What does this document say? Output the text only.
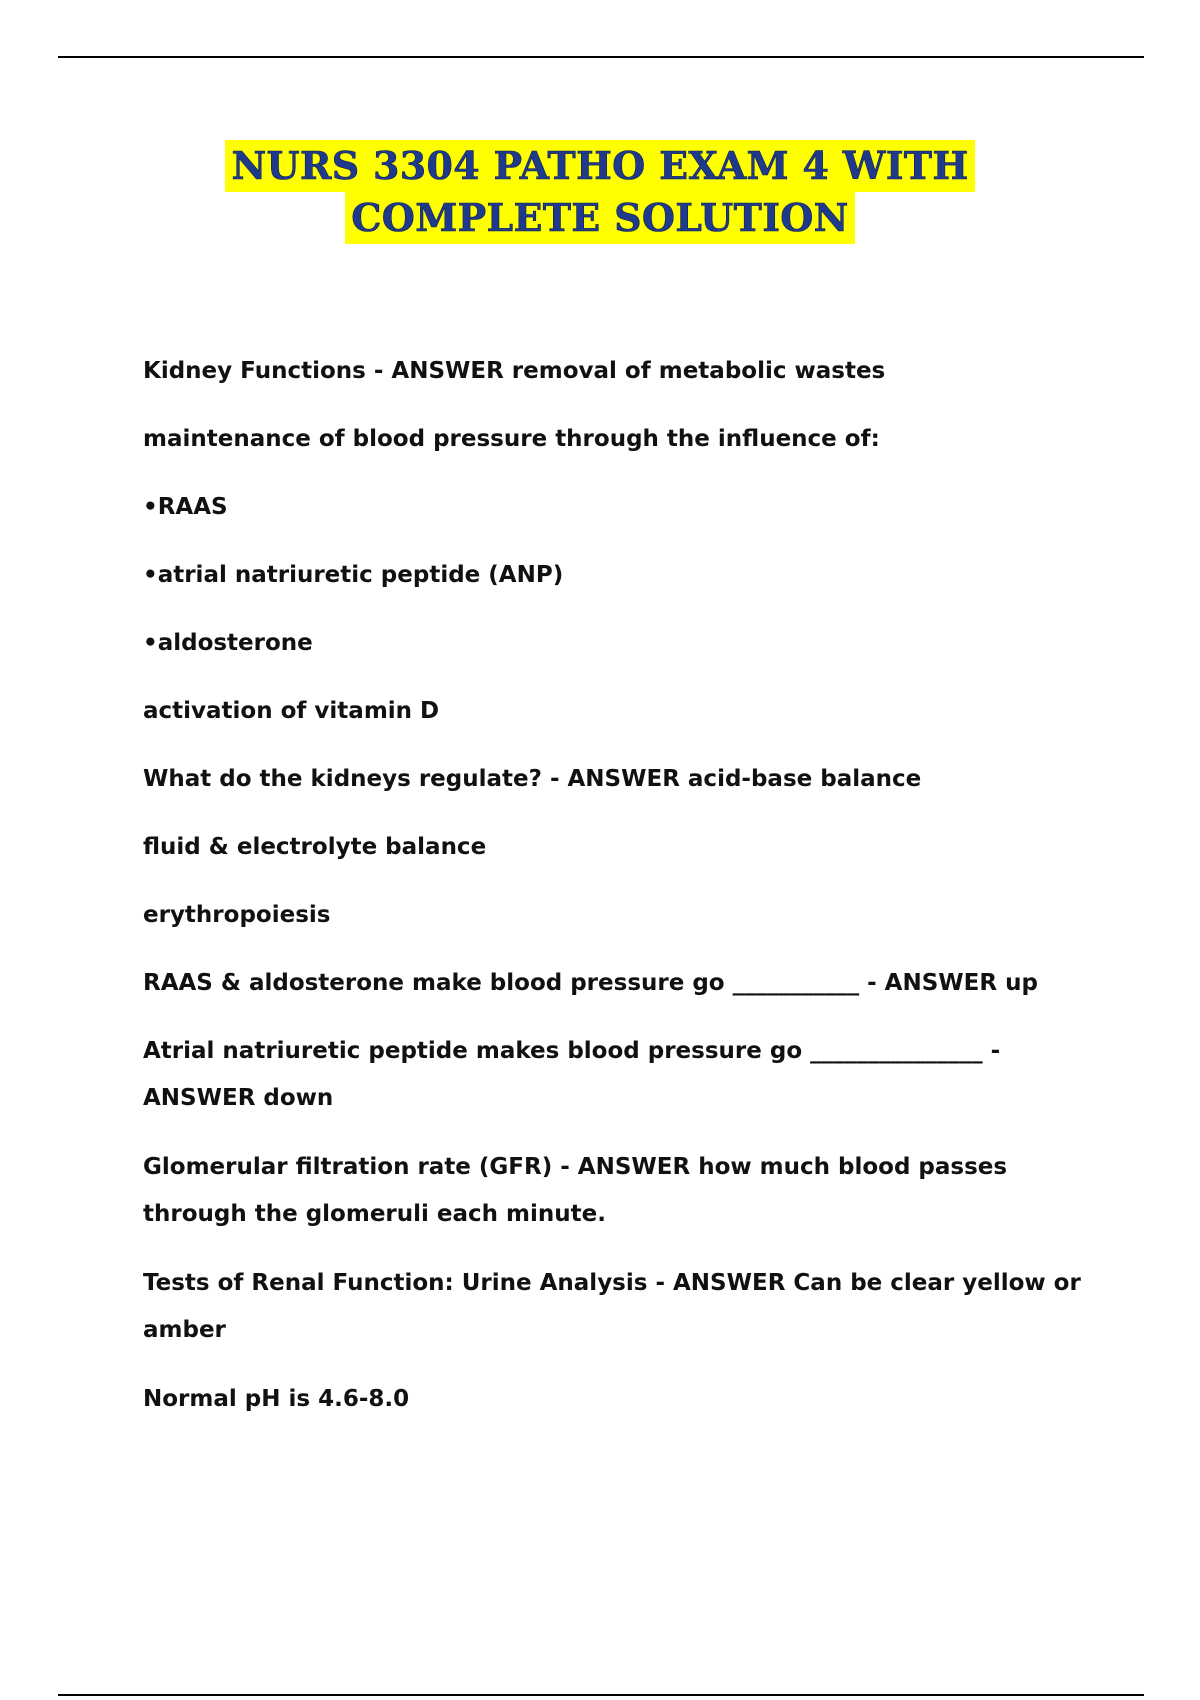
NURS 3304 PATHO EXAM 4 WITH
COMPLETE SOLUTION

Kidney Functions - ANSWER removal of metabolic wastes

maintenance of blood pressure through the influence of:

•RAAS

•atrial natriuretic peptide (ANP)

•aldosterone

activation of vitamin D

What do the kidneys regulate? - ANSWER acid-base balance

fluid & electrolyte balance

erythropoiesis

RAAS & aldosterone make blood pressure go ___________ - ANSWER up

Atrial natriuretic peptide makes blood pressure go _______________ - ANSWER down

Glomerular filtration rate (GFR) - ANSWER how much blood passes through the glomeruli each minute.

Tests of Renal Function: Urine Analysis - ANSWER Can be clear yellow or amber

Normal pH is 4.6-8.0
